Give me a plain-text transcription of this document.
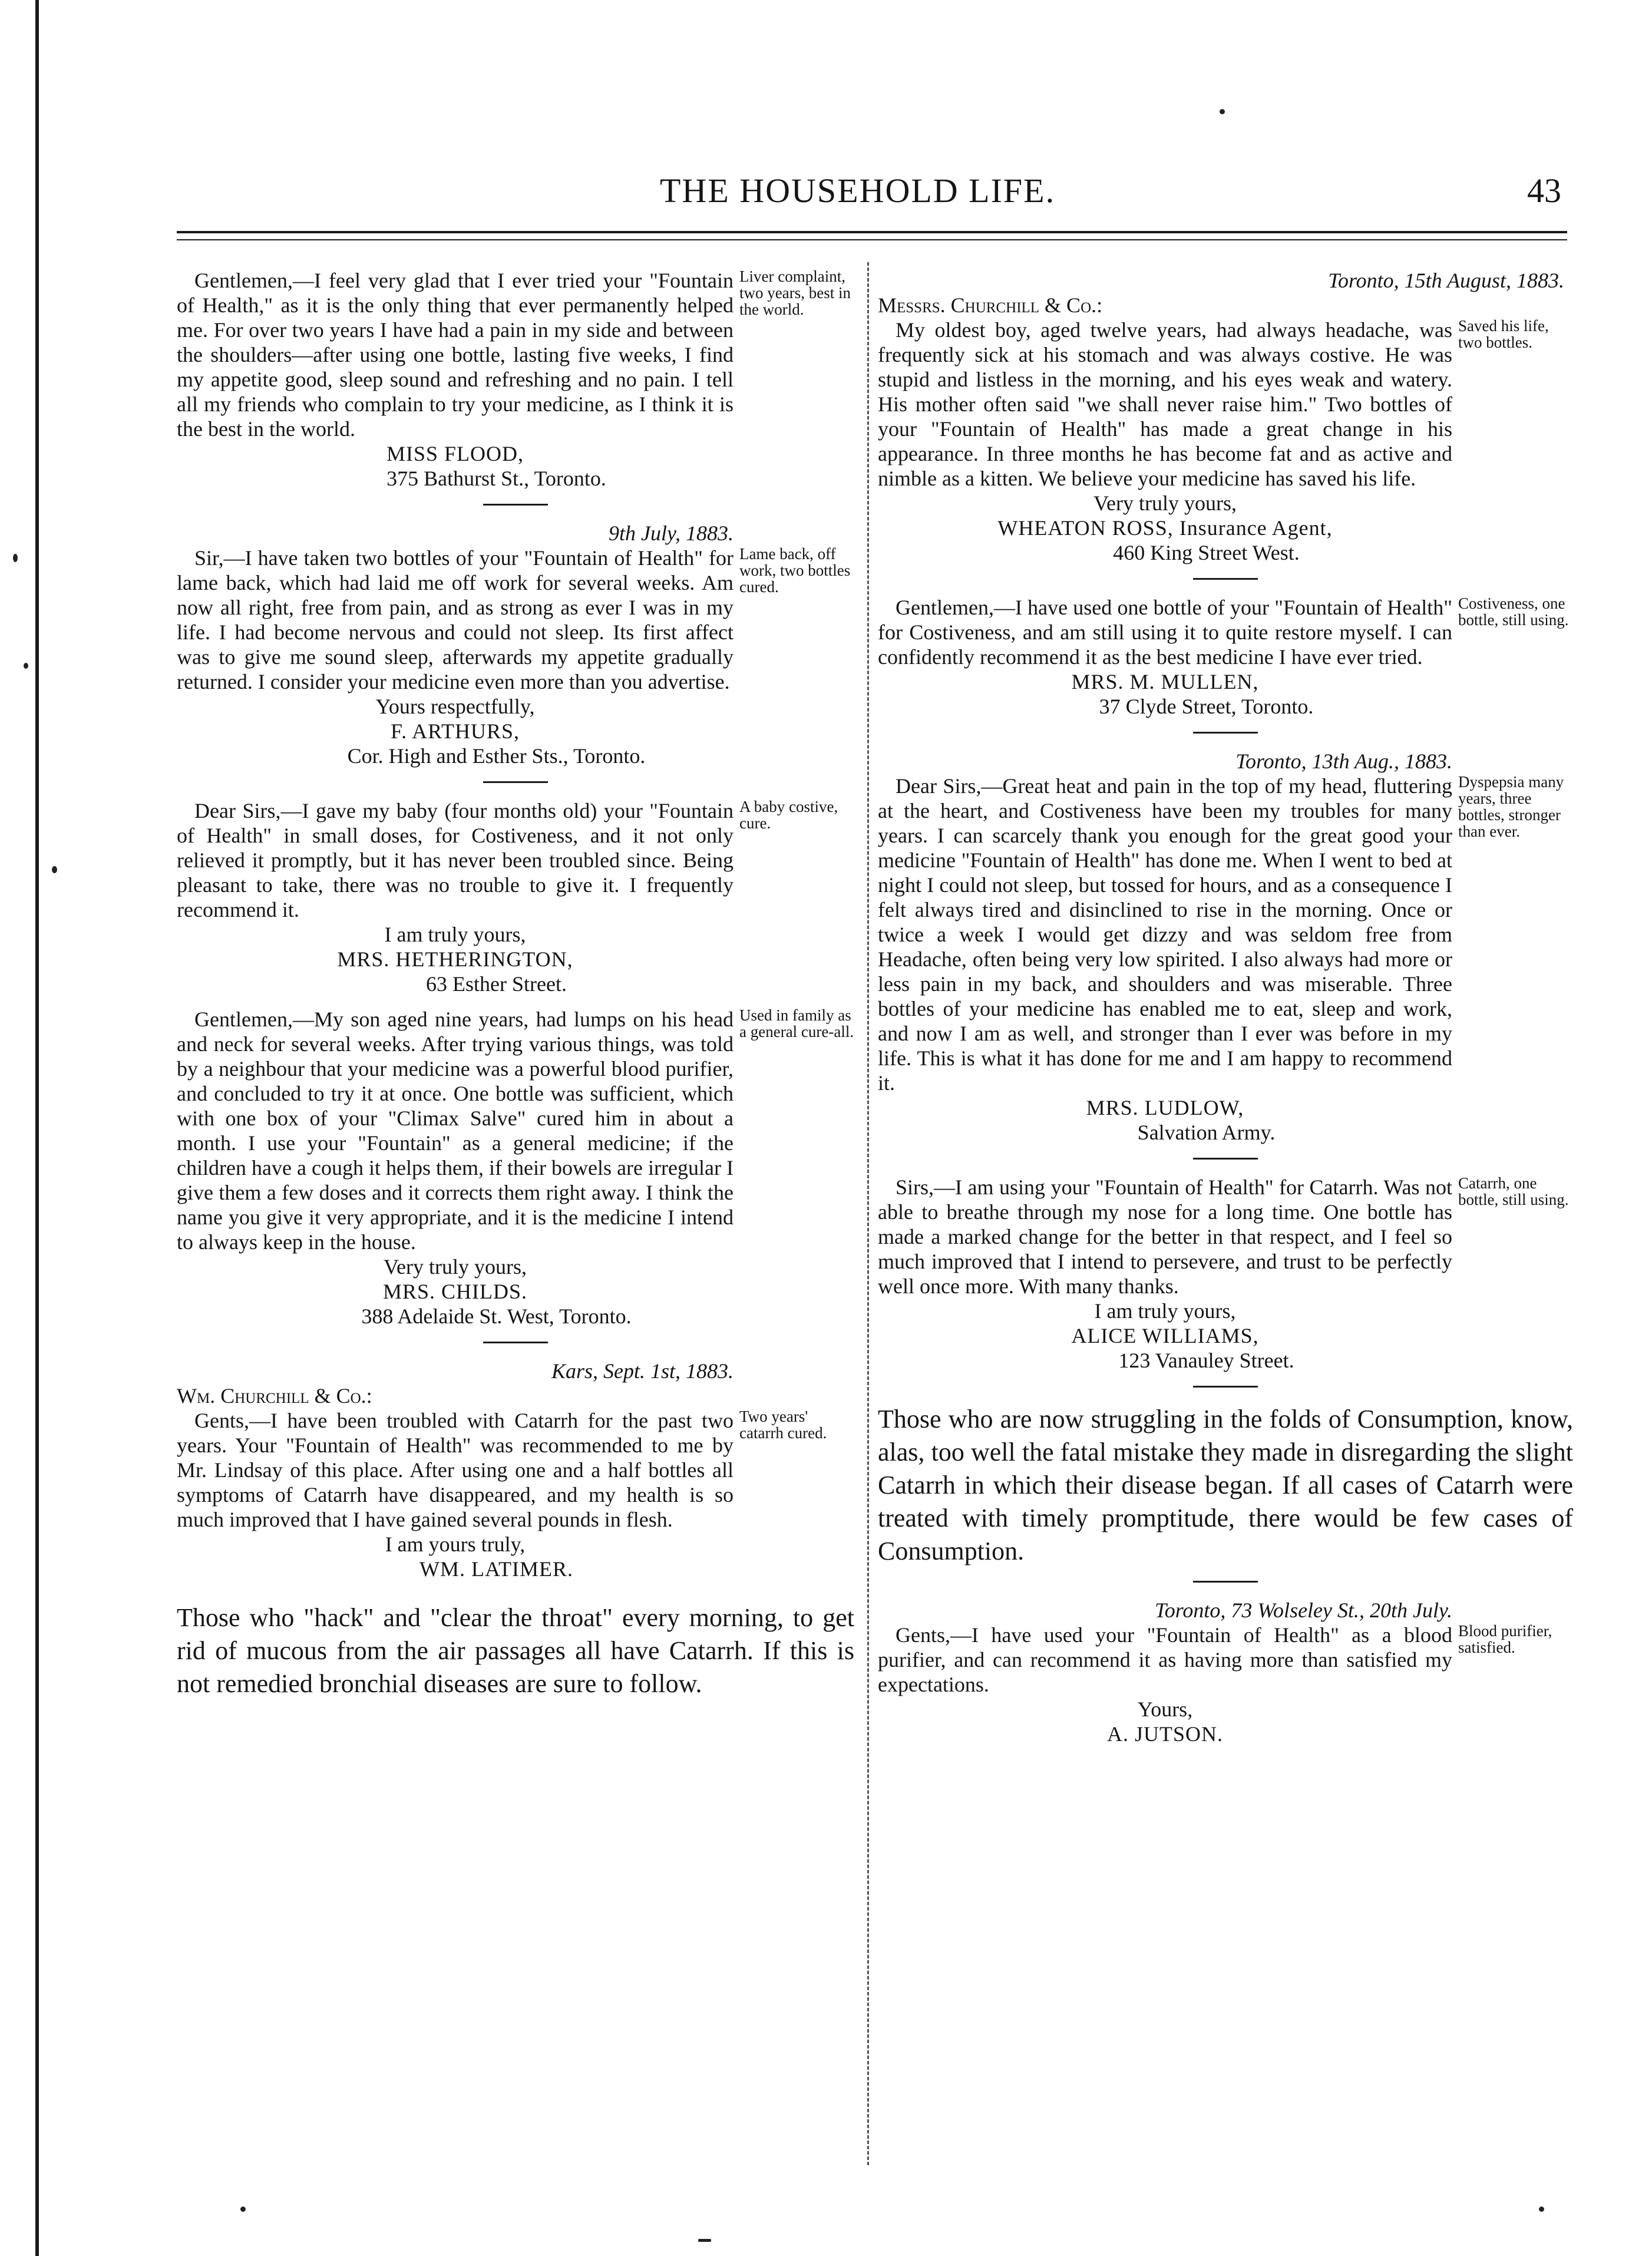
THE HOUSEHOLD LIFE.	43

Gentlemen,—I feel very glad that I ever tried your "Fountain of Health," as it is the only thing that ever permanently helped me. For over two years I have had a pain in my side and between the shoulders—after using one bottle, lasting five weeks, I find my appetite good, sleep sound and refreshing and no pain. I tell all my friends who complain to try your medicine, as I think it is the best in the world.

Liver complaint, two years, best in the world.

MISS FLOOD,

375 Bathurst St., Toronto.

9th July, 1883.

Sir,—I have taken two bottles of your "Fountain of Health" for lame back, which had laid me off work for several weeks. Am now all right, free from pain, and as strong as ever I was in my life. I had become nervous and could not sleep. Its first affect was to give me sound sleep, afterwards my appetite gradually returned. I consider your medicine even more than you advertise.

Lame back, off work, two bottles cured.

Yours respectfully,

F. ARTHURS,

Cor. High and Esther Sts., Toronto.

Dear Sirs,—I gave my baby (four months old) your "Fountain of Health" in small doses, for Costiveness, and it not only relieved it promptly, but it has never been troubled since. Being pleasant to take, there was no trouble to give it. I frequently recommend it.

A baby costive, cure.

I am truly yours,

MRS. HETHERINGTON,

63 Esther Street.

Gentlemen,—My son aged nine years, had lumps on his head and neck for several weeks. After trying various things, was told by a neighbour that your medicine was a powerful blood purifier, and concluded to try it at once. One bottle was sufficient, which with one box of your "Climax Salve" cured him in about a month. I use your "Fountain" as a general medicine; if the children have a cough it helps them, if their bowels are irregular I give them a few doses and it corrects them right away. I think the name you give it very appropriate, and it is the medicine I intend to always keep in the house.

Used in family as a general cure-all.

Very truly yours,

MRS. CHILDS.

388 Adelaide St. West, Toronto.

Kars, Sept. 1st, 1883.

Wm. Churchill & Co.:

Gents,—I have been troubled with Catarrh for the past two years. Your "Fountain of Health" was recommended to me by Mr. Lindsay of this place. After using one and a half bottles all symptoms of Catarrh have disappeared, and my health is so much improved that I have gained several pounds in flesh.

Two years' catarrh cured.

I am yours truly,

WM. LATIMER.

Those who "hack" and "clear the throat" every morning, to get rid of mucous from the air passages all have Catarrh. If this is not remedied bronchial diseases are sure to follow.

Toronto, 15th August, 1883.

Messrs. Churchill & Co.:

My oldest boy, aged twelve years, had always headache, was frequently sick at his stomach and was always costive. He was stupid and listless in the morning, and his eyes weak and watery. His mother often said "we shall never raise him." Two bottles of your "Fountain of Health" has made a great change in his appearance. In three months he has become fat and as active and nimble as a kitten. We believe your medicine has saved his life.

Saved his life, two bottles.

Very truly yours,

WHEATON ROSS, Insurance Agent,

460 King Street West.

Gentlemen,—I have used one bottle of your "Fountain of Health" for Costiveness, and am still using it to quite restore myself. I can confidently recommend it as the best medicine I have ever tried.

Costiveness, one bottle, still using.

MRS. M. MULLEN,

37 Clyde Street, Toronto.

Toronto, 13th Aug., 1883.

Dear Sirs,—Great heat and pain in the top of my head, fluttering at the heart, and Costiveness have been my troubles for many years. I can scarcely thank you enough for the great good your medicine "Fountain of Health" has done me. When I went to bed at night I could not sleep, but tossed for hours, and as a consequence I felt always tired and disinclined to rise in the morning. Once or twice a week I would get dizzy and was seldom free from Headache, often being very low spirited. I also always had more or less pain in my back, and shoulders and was miserable. Three bottles of your medicine has enabled me to eat, sleep and work, and now I am as well, and stronger than I ever was before in my life. This is what it has done for me and I am happy to recommend it.

Dyspepsia many years, three bottles, stronger than ever.

MRS. LUDLOW,

Salvation Army.

Sirs,—I am using your "Fountain of Health" for Catarrh. Was not able to breathe through my nose for a long time. One bottle has made a marked change for the better in that respect, and I feel so much improved that I intend to persevere, and trust to be perfectly well once more. With many thanks.

Catarrh, one bottle, still using.

I am truly yours,

ALICE WILLIAMS,

123 Vanauley Street.

Those who are now struggling in the folds of Consumption, know, alas, too well the fatal mistake they made in disregarding the slight Catarrh in which their disease began. If all cases of Catarrh were treated with timely promptitude, there would be few cases of Consumption.

Toronto, 73 Wolseley St., 20th July.

Gents,—I have used your "Fountain of Health" as a blood purifier, and can recommend it as having more than satisfied my expectations.

Blood purifier, satisfied.

Yours,

A. JUTSON.
